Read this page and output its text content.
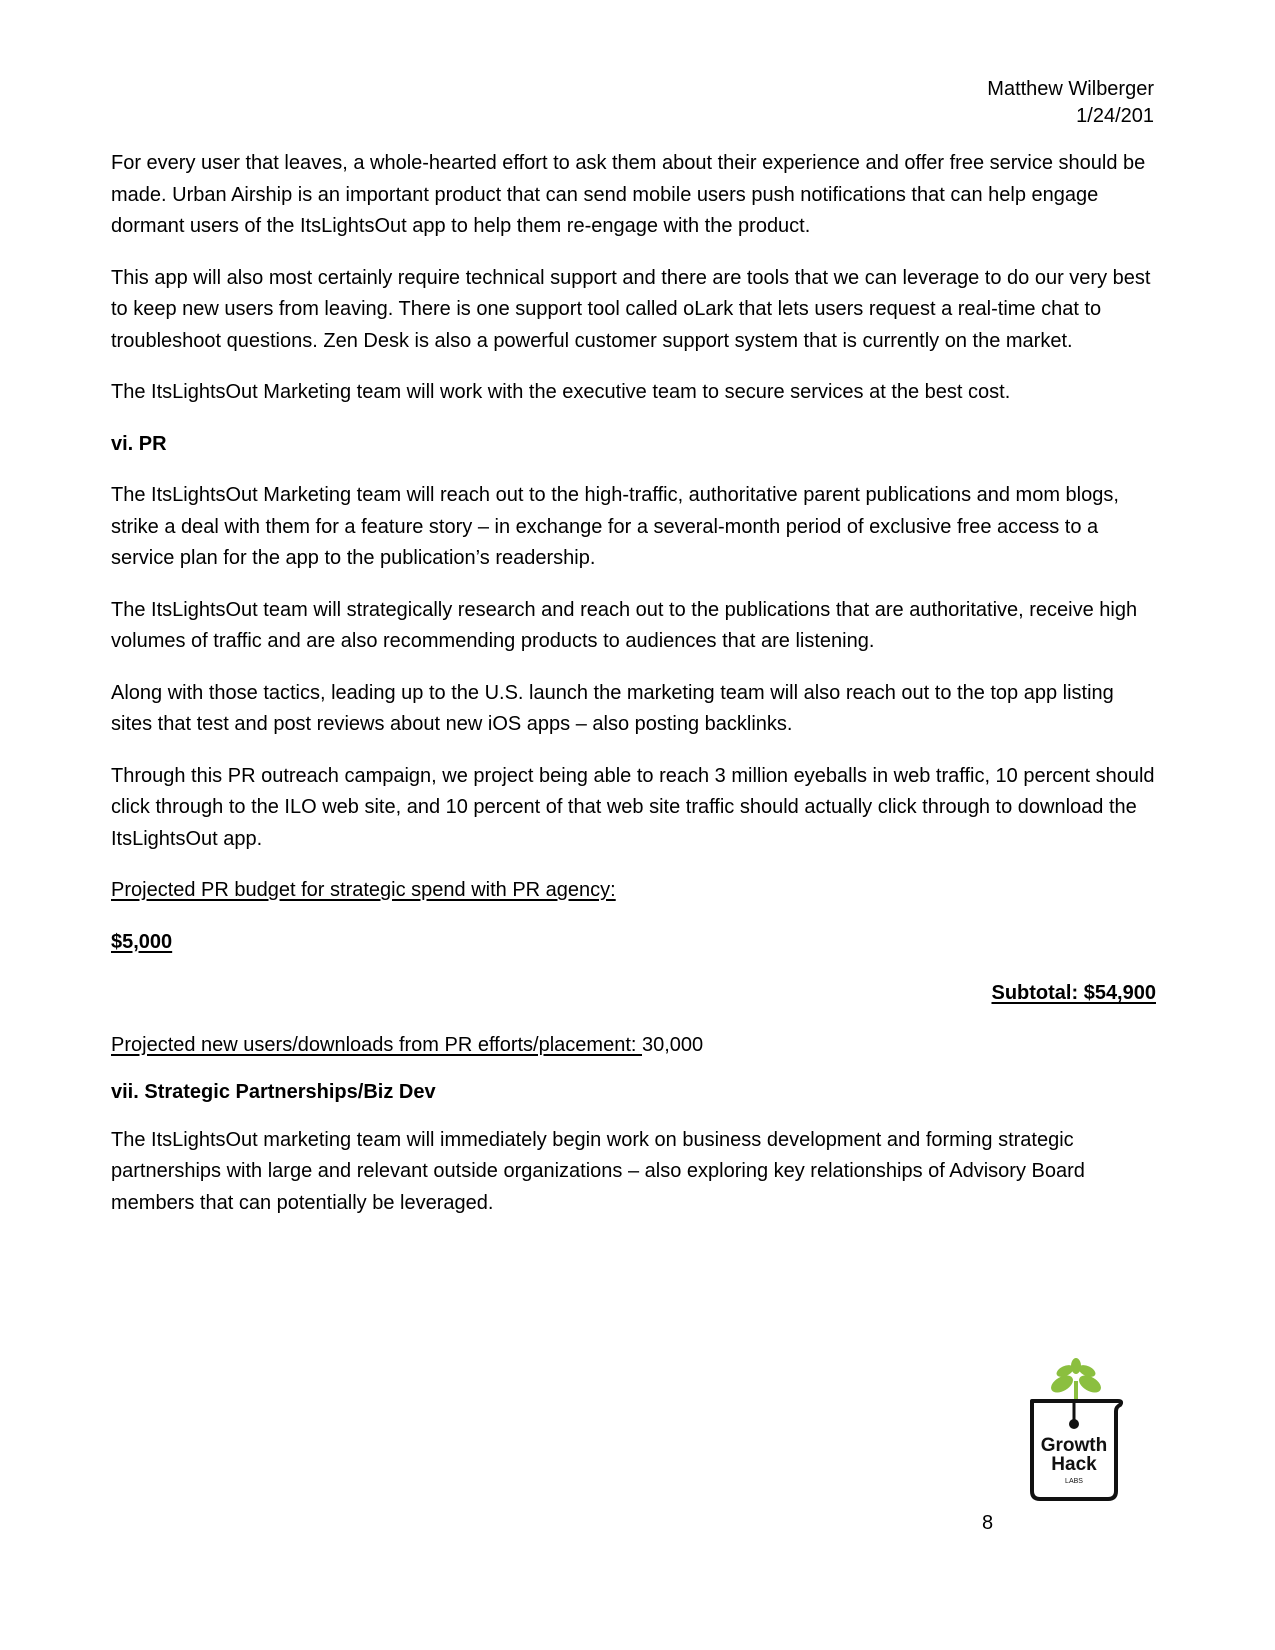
Matthew Wilberger
1/24/201

For every user that leaves, a whole-hearted effort to ask them about their experience and offer free service should be made. Urban Airship is an important product that can send mobile users push notifications that can help engage dormant users of the ItsLightsOut app to help them re-engage with the product.

This app will also most certainly require technical support and there are tools that we can leverage to do our very best to keep new users from leaving. There is one support tool called oLark that lets users request a real-time chat to troubleshoot questions. Zen Desk is also a powerful customer support system that is currently on the market.

The ItsLightsOut Marketing team will work with the executive team to secure services at the best cost.

vi. PR

The ItsLightsOut Marketing team will reach out to the high-traffic, authoritative parent publications and mom blogs, strike a deal with them for a feature story – in exchange for a several-month period of exclusive free access to a service plan for the app to the publication’s readership.

The ItsLightsOut team will strategically research and reach out to the publications that are authoritative, receive high volumes of traffic and are also recommending products to audiences that are listening.

Along with those tactics, leading up to the U.S. launch the marketing team will also reach out to the top app listing sites that test and post reviews about new iOS apps – also posting backlinks.

Through this PR outreach campaign, we project being able to reach 3 million eyeballs in web traffic, 10 percent should click through to the ILO web site, and 10 percent of that web site traffic should actually click through to download the ItsLightsOut app.

Projected PR budget for strategic spend with PR agency:

$5,000

Subtotal: $54,900

Projected new users/downloads from PR efforts/placement: 30,000

vii. Strategic Partnerships/Biz Dev

The ItsLightsOut marketing team will immediately begin work on business development and forming strategic partnerships with large and relevant outside organizations – also exploring key relationships of Advisory Board members that can potentially be leveraged.

Growth
Hack
LABS
8
